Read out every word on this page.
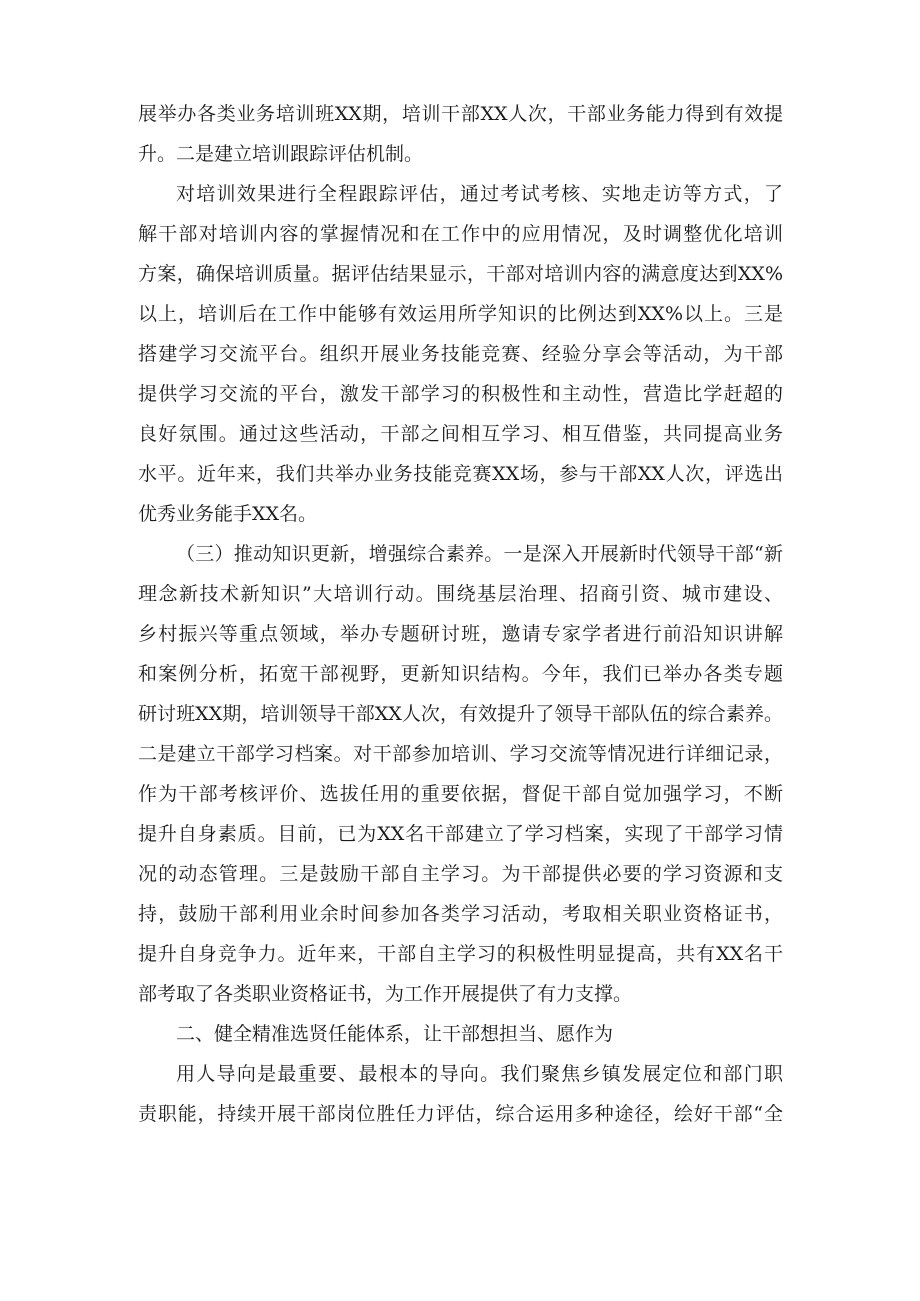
展举办各类业务培训班XX期，培训干部XX人次，干部业务能力得到有效提
升。二是建立培训跟踪评估机制。
对培训效果进行全程跟踪评估，通过考试考核、实地走访等方式，了
解干部对培训内容的掌握情况和在工作中的应用情况，及时调整优化培训
方案，确保培训质量。据评估结果显示，干部对培训内容的满意度达到XX%
以上，培训后在工作中能够有效运用所学知识的比例达到XX%以上。三是
搭建学习交流平台。组织开展业务技能竞赛、经验分享会等活动，为干部
提供学习交流的平台，激发干部学习的积极性和主动性，营造比学赶超的
良好氛围。通过这些活动，干部之间相互学习、相互借鉴，共同提高业务
水平。近年来，我们共举办业务技能竞赛XX场，参与干部XX人次，评选出
优秀业务能手XX名。
（三）推动知识更新，增强综合素养。一是深入开展新时代领导干部“新
理念新技术新知识”大培训行动。围绕基层治理、招商引资、城市建设、
乡村振兴等重点领域，举办专题研讨班，邀请专家学者进行前沿知识讲解
和案例分析，拓宽干部视野，更新知识结构。今年，我们已举办各类专题
研讨班XX期，培训领导干部XX人次，有效提升了领导干部队伍的综合素养。
二是建立干部学习档案。对干部参加培训、学习交流等情况进行详细记录，
作为干部考核评价、选拔任用的重要依据，督促干部自觉加强学习，不断
提升自身素质。目前，已为XX名干部建立了学习档案，实现了干部学习情
况的动态管理。三是鼓励干部自主学习。为干部提供必要的学习资源和支
持，鼓励干部利用业余时间参加各类学习活动，考取相关职业资格证书，
提升自身竞争力。近年来，干部自主学习的积极性明显提高，共有XX名干
部考取了各类职业资格证书，为工作开展提供了有力支撑。
二、健全精准选贤任能体系，让干部想担当、愿作为
用人导向是最重要、最根本的导向。我们聚焦乡镇发展定位和部门职
责职能，持续开展干部岗位胜任力评估，综合运用多种途径，绘好干部“全
